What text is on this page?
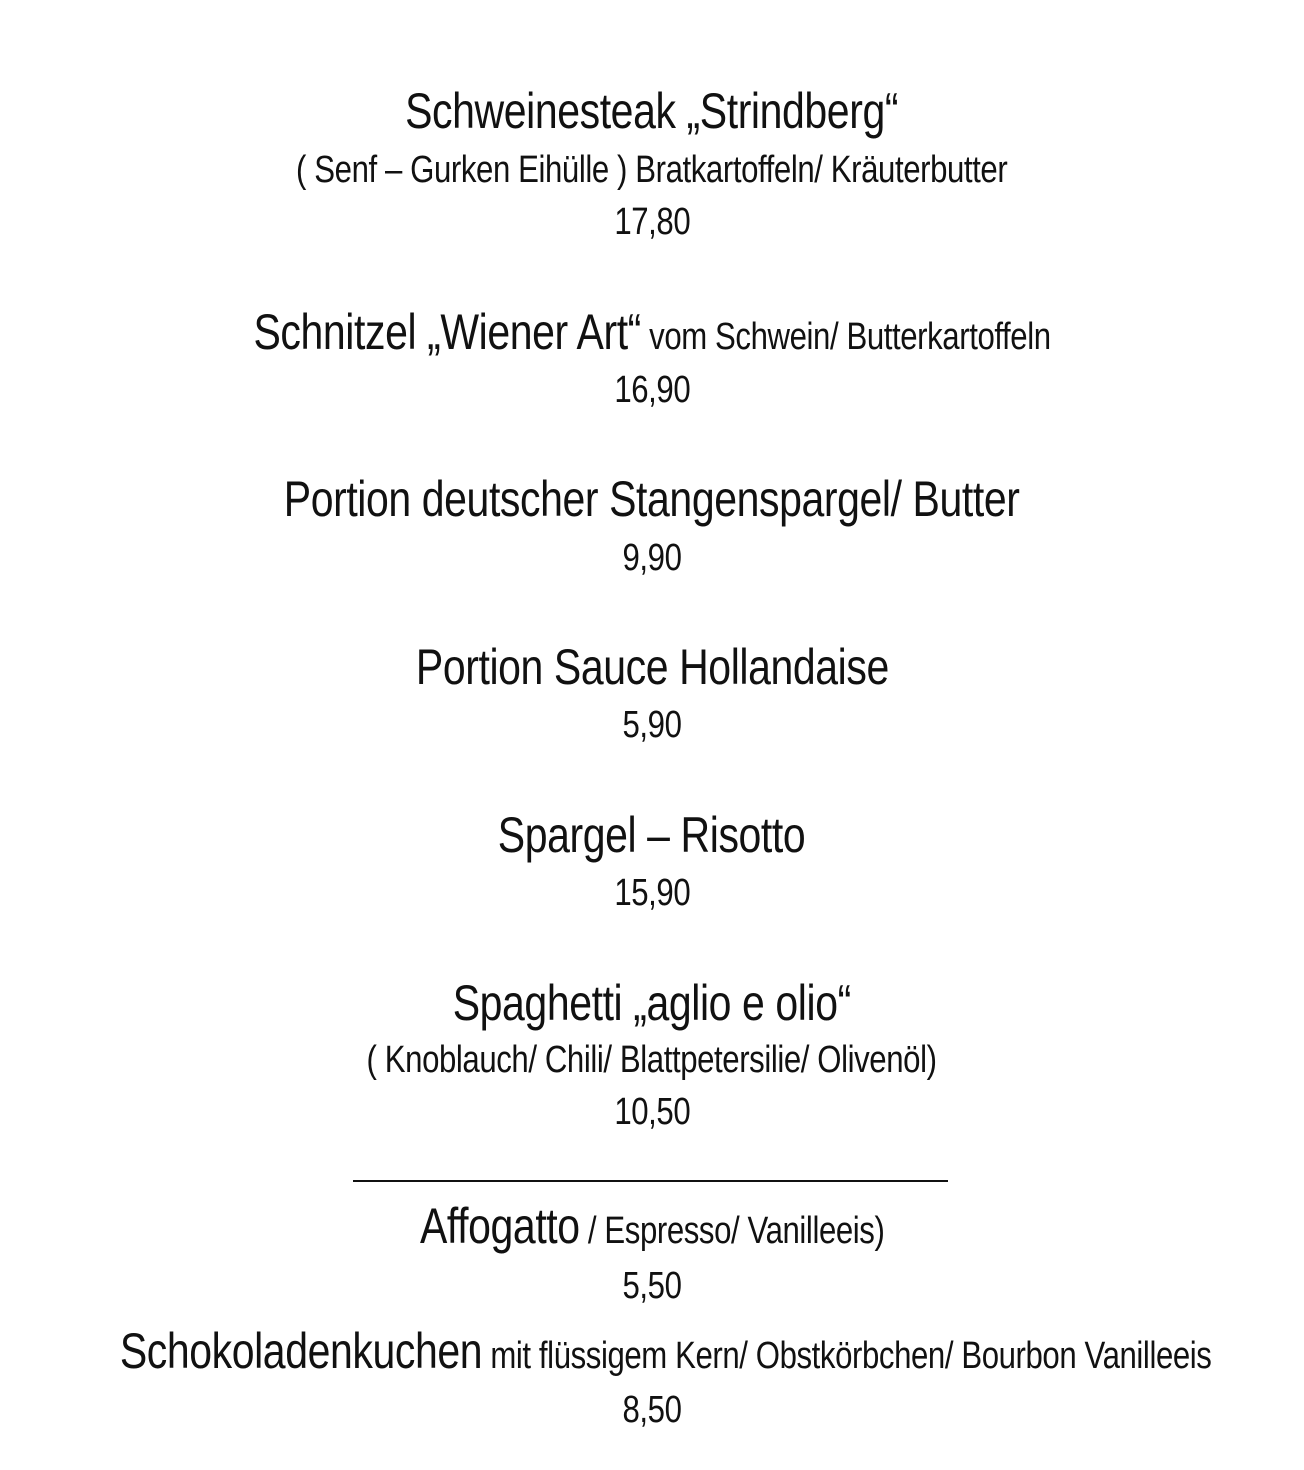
Schweinesteak „Strindberg“
( Senf – Gurken Eihülle ) Bratkartoffeln/ Kräuterbutter
17,80
Schnitzel „Wiener Art“ vom Schwein/ Butterkartoffeln
16,90
Portion deutscher Stangenspargel/ Butter
9,90
Portion Sauce Hollandaise
5,90
Spargel – Risotto
15,90
Spaghetti „aglio e olio“
( Knoblauch/ Chili/ Blattpetersilie/ Olivenöl)
10,50
Affogatto / Espresso/ Vanilleeis)
5,50
Schokoladenkuchen mit flüssigem Kern/ Obstkörbchen/ Bourbon Vanilleeis
8,50
